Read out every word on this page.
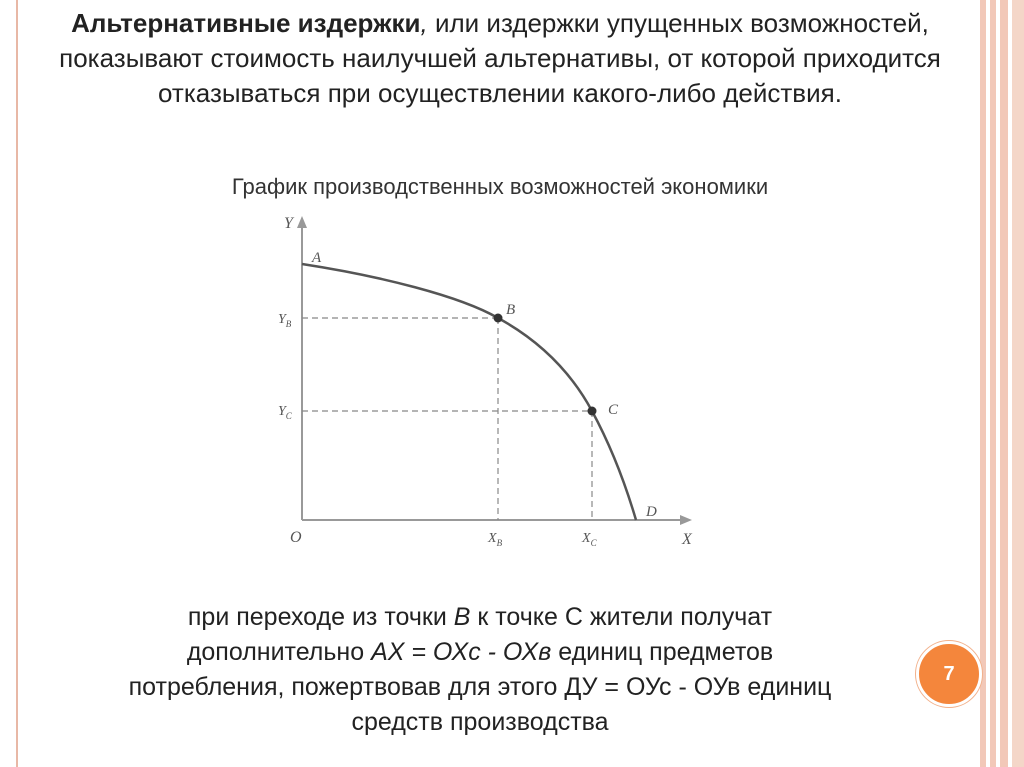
Альтернативные издержки, или издержки упущенных возможностей, показывают стоимость наилучшей альтернативы, от которой приходится отказываться при осуществлении какого-либо действия.
График производственных возможностей экономики
Y
X
O
A
B
C
D
$Y_B$
$Y_C$
$X_B$	$X_C$
при переходе из точки В к точке С жители получат
дополнительно АХ = ОХс - ОХв единиц предметов
потребления, пожертвовав для этого ДУ = ОУс - ОУв единиц
средств производства
7
